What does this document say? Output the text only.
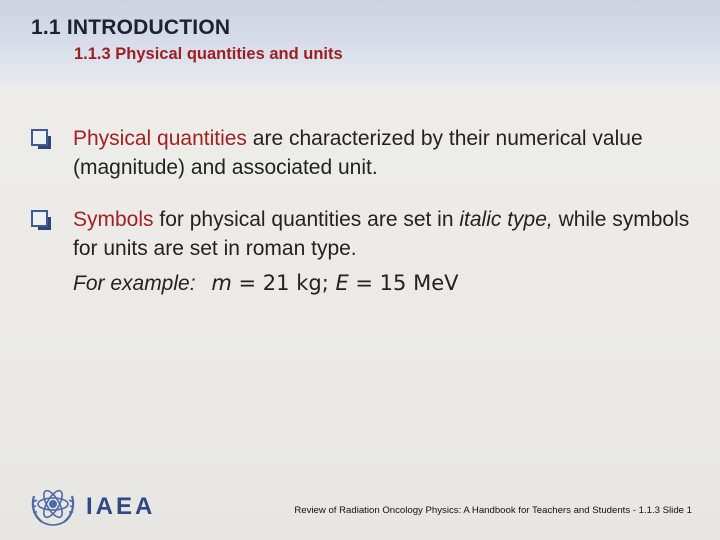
1.1 INTRODUCTION
1.1.3 Physical quantities and units
Physical quantities are characterized by their numerical value (magnitude) and associated unit.
Symbols for physical quantities are set in italic type, while symbols for units are set in roman type.
For example: m = 21 kg; E = 15 MeV
IAEA	Review of Radiation Oncology Physics: A Handbook for Teachers and Students - 1.1.3 Slide 1
